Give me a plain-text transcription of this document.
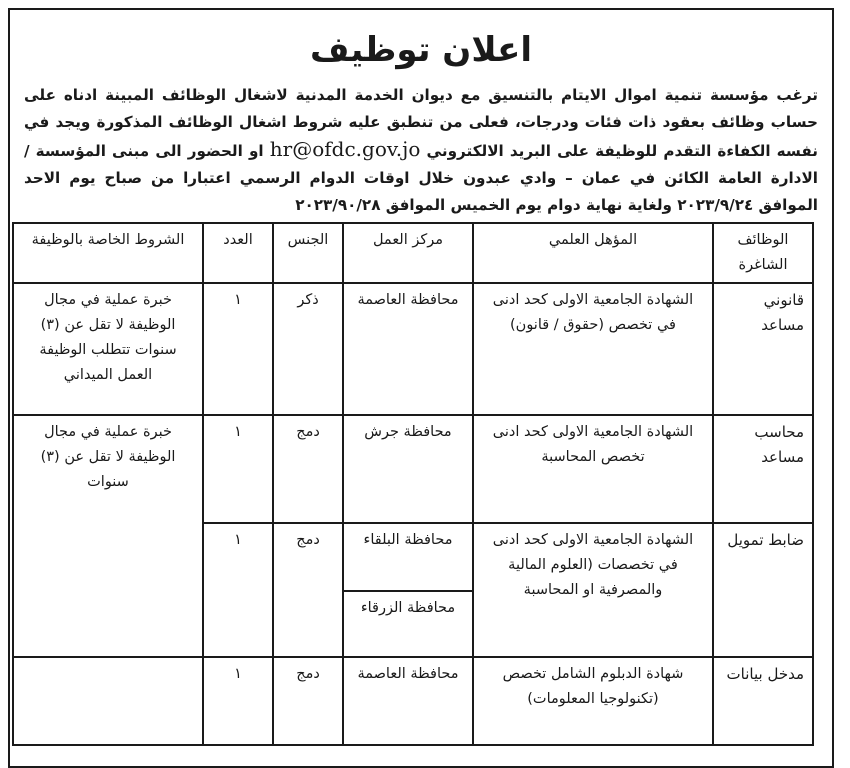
اعلان توظيف
ترغب مؤسسة تنمية اموال الايتام بالتنسيق مع ديوان الخدمة المدنية لاشغال الوظائف المبينة ادناه على حساب وظائف بعقود ذات فئات ودرجات، فعلى من تنطبق عليه شروط اشغال الوظائف المذكورة ويجد في نفسه الكفاءة التقدم للوظيفة على البريد الالكتروني hr@ofdc.gov.jo او الحضور الى مبنى المؤسسة / الادارة العامة الكائن في عمان – وادي عبدون خلال اوقات الدوام الرسمي اعتبارا من صباح يوم الاحد الموافق ٢٠٢٣/٩/٢٤ ولغاية نهاية دوام يوم الخميس الموافق ٢٠٢٣/٩٠/٢٨
الوظائف الشاغرة	المؤهل العلمي	مركز العمل	الجنس	العدد	الشروط الخاصة بالوظيفة
قانوني مساعد	الشهادة الجامعية الاولى كحد ادنى في تخصص (حقوق / قانون)	محافظة العاصمة	ذكر	١	خبرة عملية في مجال الوظيفة لا تقل عن (٣) سنوات تتطلب الوظيفة العمل الميداني
محاسب مساعد	الشهادة الجامعية الاولى كحد ادنى تخصص المحاسبة	محافظة جرش	دمج	١	خبرة عملية في مجال الوظيفة لا تقل عن (٣) سنوات
ضابط تمويل	الشهادة الجامعية الاولى كحد ادنى في تخصصات (العلوم المالية والمصرفية او المحاسبة	محافظة البلقاء	دمج	١	
		محافظة الزرقاء			
مدخل بيانات	شهادة الدبلوم الشامل تخصص (تكنولوجيا المعلومات)	محافظة العاصمة	دمج	١	
